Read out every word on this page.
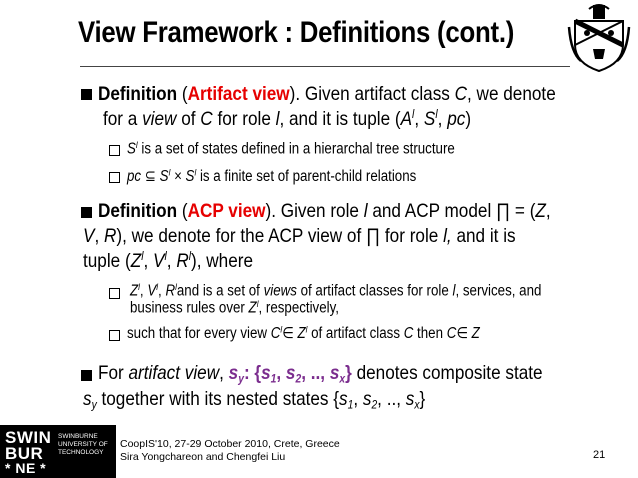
View Framework : Definitions (cont.)
Definition (Artifact view). Given artifact class C, we denote
for a view of C for role l, and it is tuple ($A^l$, $S^l$, pc)
$S^l$ is a set of states defined in a hierarchal tree structure
pc ⊆ $S^l \times S^l$ is a finite set of parent-child relations
Definition (ACP view). Given role l and ACP model ∏ = (Z,
V, R), we denote for the ACP view of ∏ for role l, and it is
tuple ($Z^l$, $V^l$, $R^l$), where
$Z^l$, $V^l$, $R^land$ is a set of views of artifact classes for role l, services, and
business rules over $Z^l$, respectively,
such that for every view $C^l\in$ $Z^l$ of artifact class C then C∈ Z
For artifact view, $s_y$: {$s_1$, $s_2$, .., $s_x$} denotes composite state
$s_y$ together with its nested states {$s_1$, $s_2$, .., $s_x$}
SWIN
BUR
* NE *
SWINBURNE
UNIVERSITY OF
TECHNOLOGY
CoopIS'10, 27-29 October 2010, Crete, Greece
Sira Yongchareon and Chengfei Liu	21
